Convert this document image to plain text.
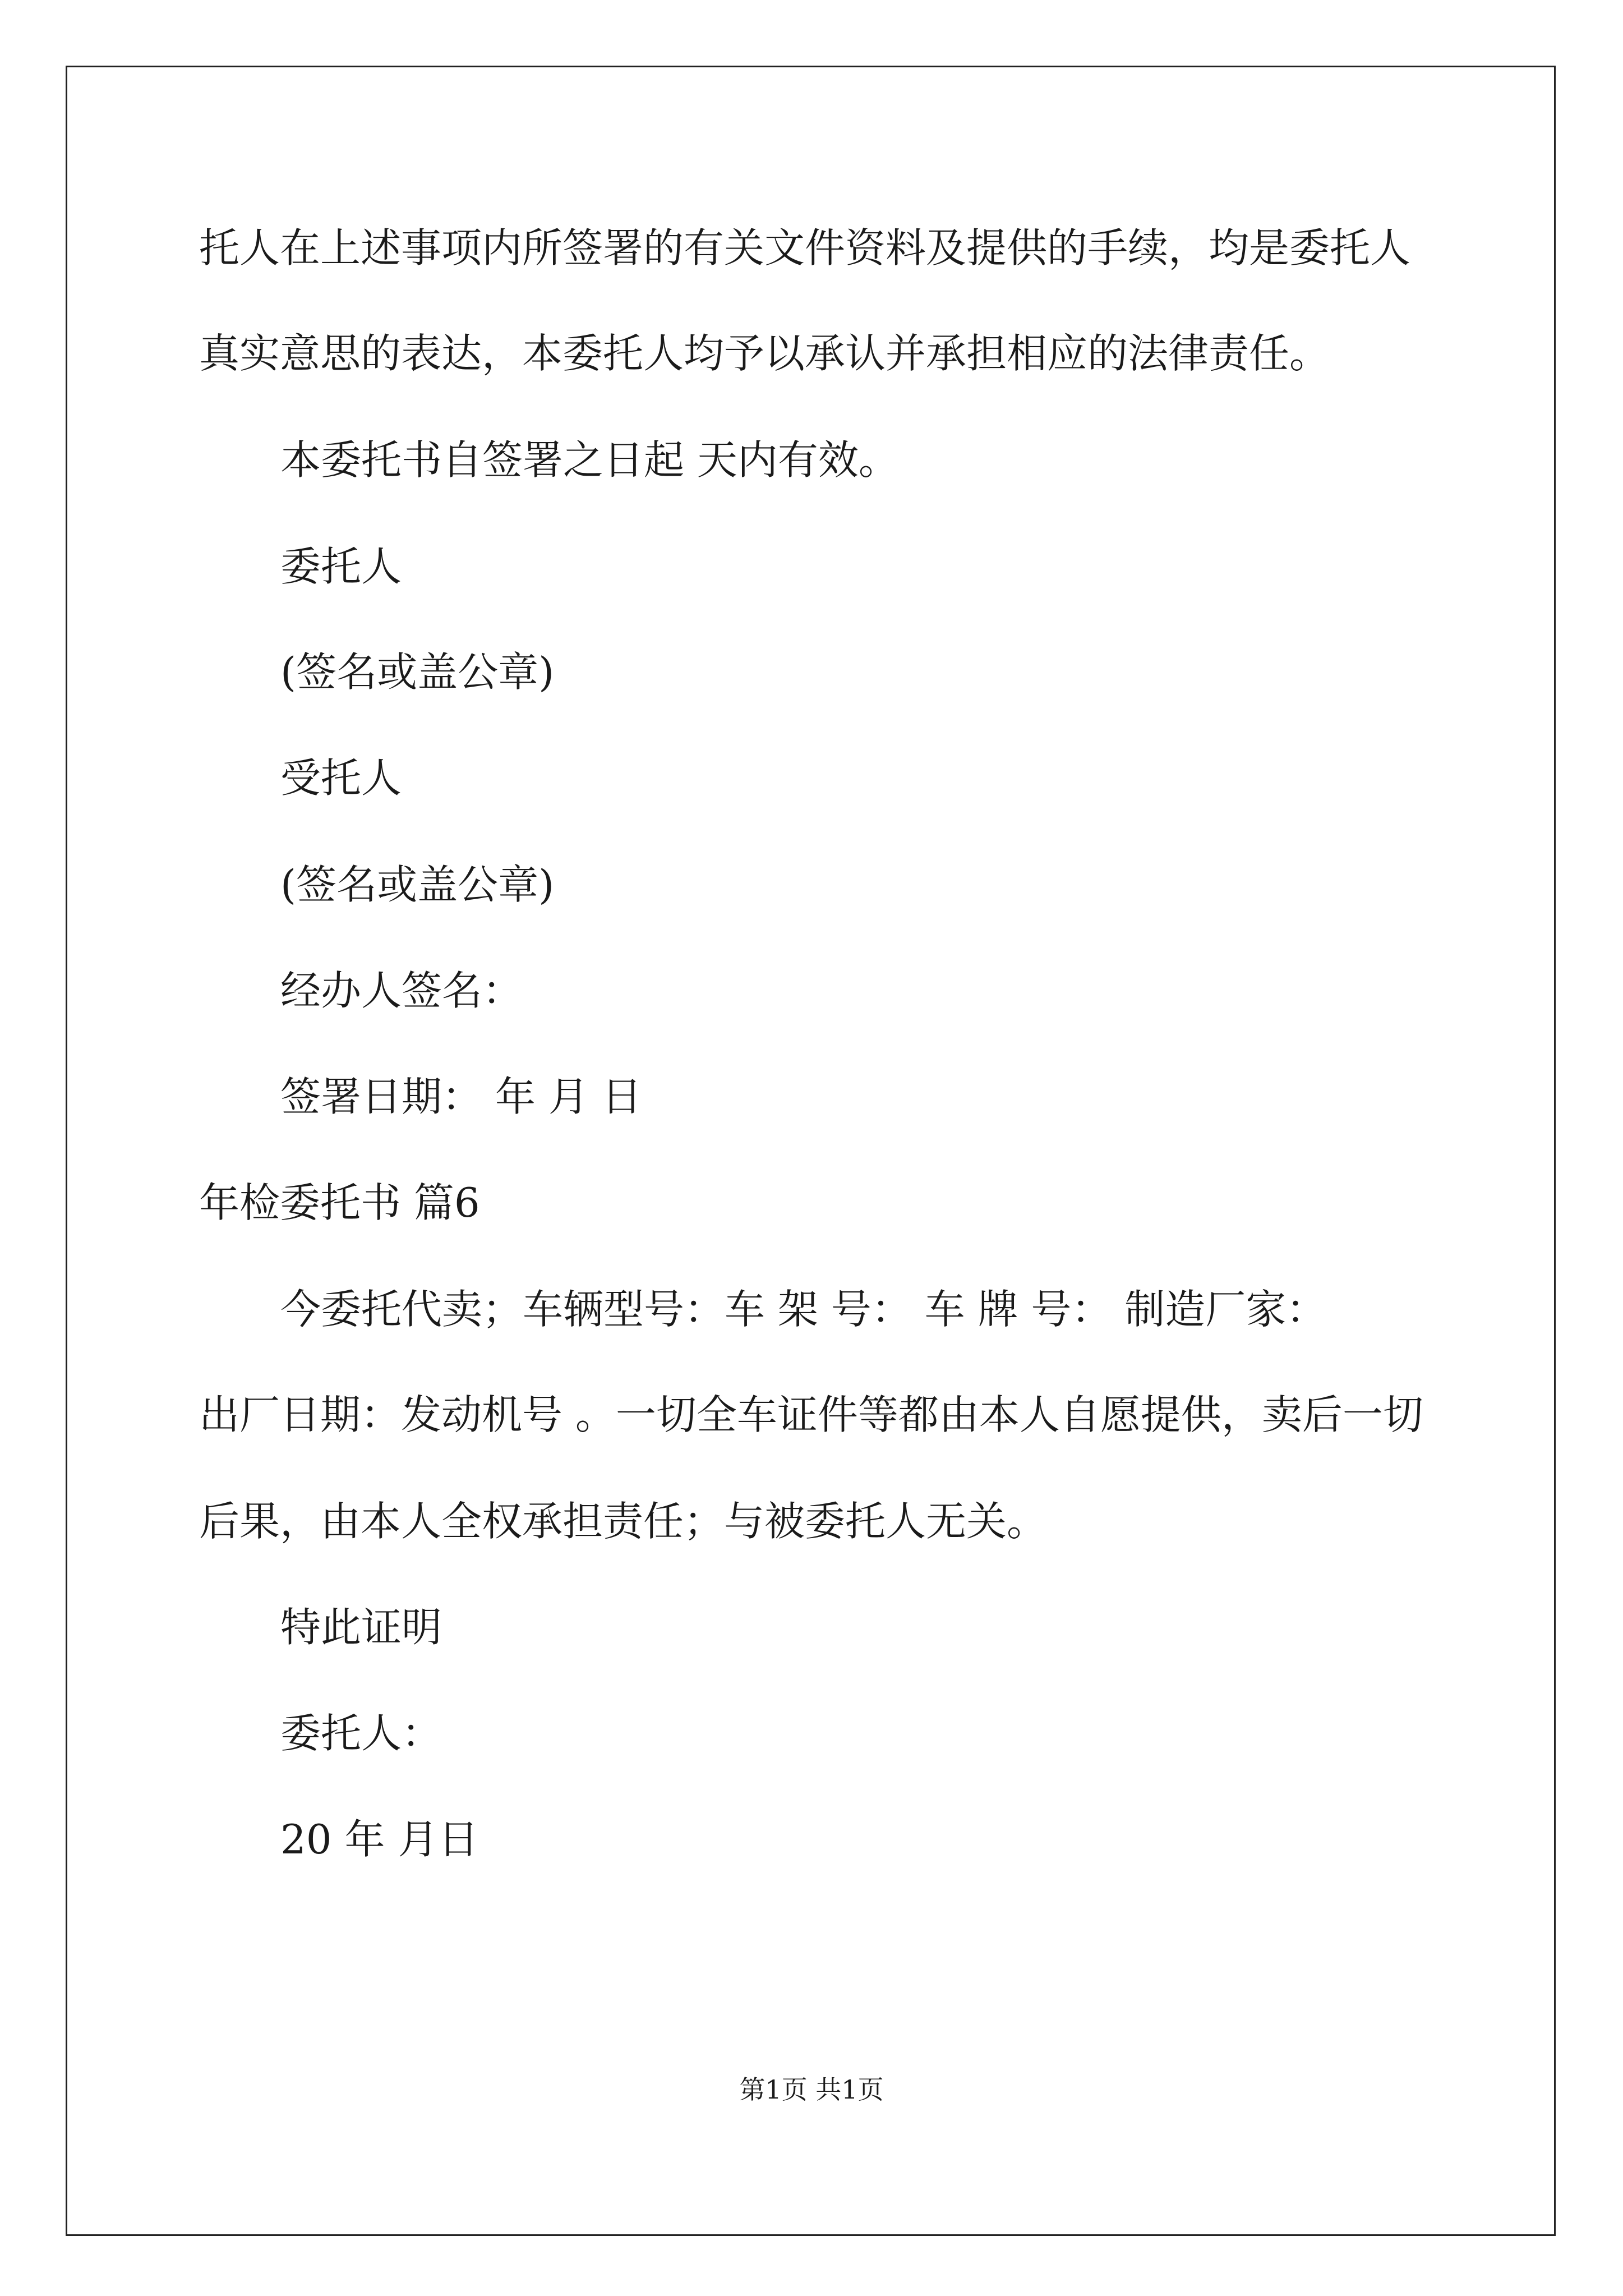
托人在上述事项内所签署的有关文件资料及提供的手续，均是委托人

真实意思的表达，本委托人均予以承认并承担相应的法律责任。

本委托书自签署之日起 天内有效。

委托人

(签名或盖公章)

受托人

(签名或盖公章)

经办人签名：

签署日期： 年 月 日

年检委托书 篇6

今委托代卖；车辆型号：车 架 号： 车 牌 号： 制造厂家：

出厂日期：发动机号 。一切全车证件等都由本人自愿提供，卖后一切

后果，由本人全权承担责任；与被委托人无关。

特此证明

委托人：

20 年 月日

第1页 共1页
